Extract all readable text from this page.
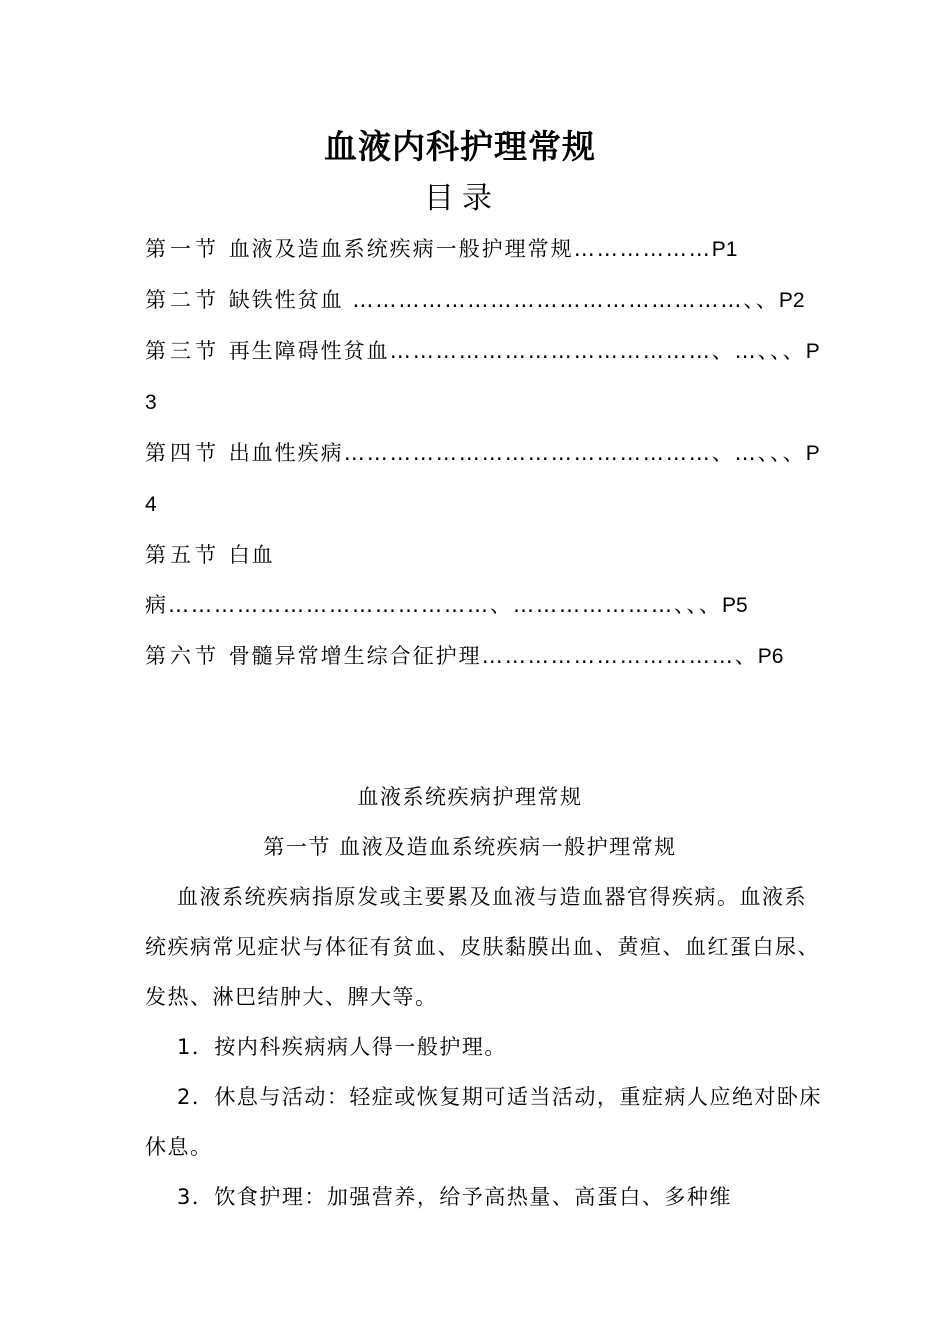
血液内科护理常规
目录
第一节 血液及造血系统疾病一般护理常规………………P1
第二节 缺铁性贫血 ……………………………………………、、P2
第三节 再生障碍性贫血……………………………………、…、、、P3
第四节 出血性疾病…………………………………………、…、、、P4
第五节 白血病……………………………………、…………………、、、P5
第六节 骨髓异常增生综合征护理……………………………、P6
血液系统疾病护理常规
第一节 血液及造血系统疾病一般护理常规
血液系统疾病指原发或主要累及血液与造血器官得疾病。血液系统疾病常见症状与体征有贫血、皮肤黏膜出血、黄疸、血红蛋白尿、发热、淋巴结肿大、脾大等。
1．按内科疾病病人得一般护理。
2．休息与活动：轻症或恢复期可适当活动，重症病人应绝对卧床休息。
3．饮食护理：加强营养，给予高热量、高蛋白、多种维
